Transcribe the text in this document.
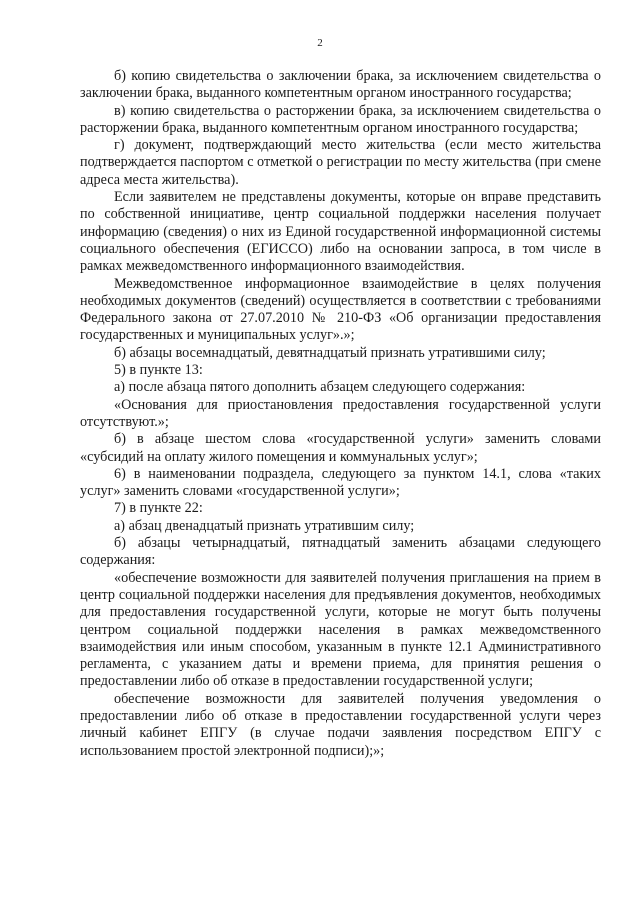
2

б) копию свидетельства о заключении брака, за исключением свидетельства о заключении брака, выданного компетентным органом иностранного государства;

в) копию свидетельства о расторжении брака, за исключением свидетельства о расторжении брака, выданного компетентным органом иностранного государства;

г) документ, подтверждающий место жительства (если место жительства подтверждается паспортом с отметкой о регистрации по месту жительства (при смене адреса места жительства).

Если заявителем не представлены документы, которые он вправе представить по собственной инициативе, центр социальной поддержки населения получает информацию (сведения) о них из Единой государственной информационной системы социального обеспечения (ЕГИССО) либо на основании запроса, в том числе в рамках межведомственного информационного взаимодействия.

Межведомственное информационное взаимодействие в целях получения необходимых документов (сведений) осуществляется в соответствии с требованиями Федерального закона от 27.07.2010 № 210-ФЗ «Об организации предоставления государственных и муниципальных услуг».»;

б) абзацы восемнадцатый, девятнадцатый признать утратившими силу;

5) в пункте 13:

а) после абзаца пятого дополнить абзацем следующего содержания:

«Основания для приостановления предоставления государственной услуги отсутствуют.»;

б) в абзаце шестом слова «государственной услуги» заменить словами «субсидий на оплату жилого помещения и коммунальных услуг»;

6) в наименовании подраздела, следующего за пунктом 14.1, слова «таких услуг» заменить словами «государственной услуги»;

7) в пункте 22:

а) абзац двенадцатый признать утратившим силу;

б) абзацы четырнадцатый, пятнадцатый заменить абзацами следующего содержания:

«обеспечение возможности для заявителей получения приглашения на прием в центр социальной поддержки населения для предъявления документов, необходимых для предоставления государственной услуги, которые не могут быть получены центром социальной поддержки населения в рамках межведомственного взаимодействия или иным способом, указанным в пункте 12.1 Административного регламента, с указанием даты и времени приема, для принятия решения о предоставлении либо об отказе в предоставлении государственной услуги;

обеспечение возможности для заявителей получения уведомления о предоставлении либо об отказе в предоставлении государственной услуги через личный кабинет ЕПГУ (в случае подачи заявления посредством ЕПГУ с использованием простой электронной подписи);»;
